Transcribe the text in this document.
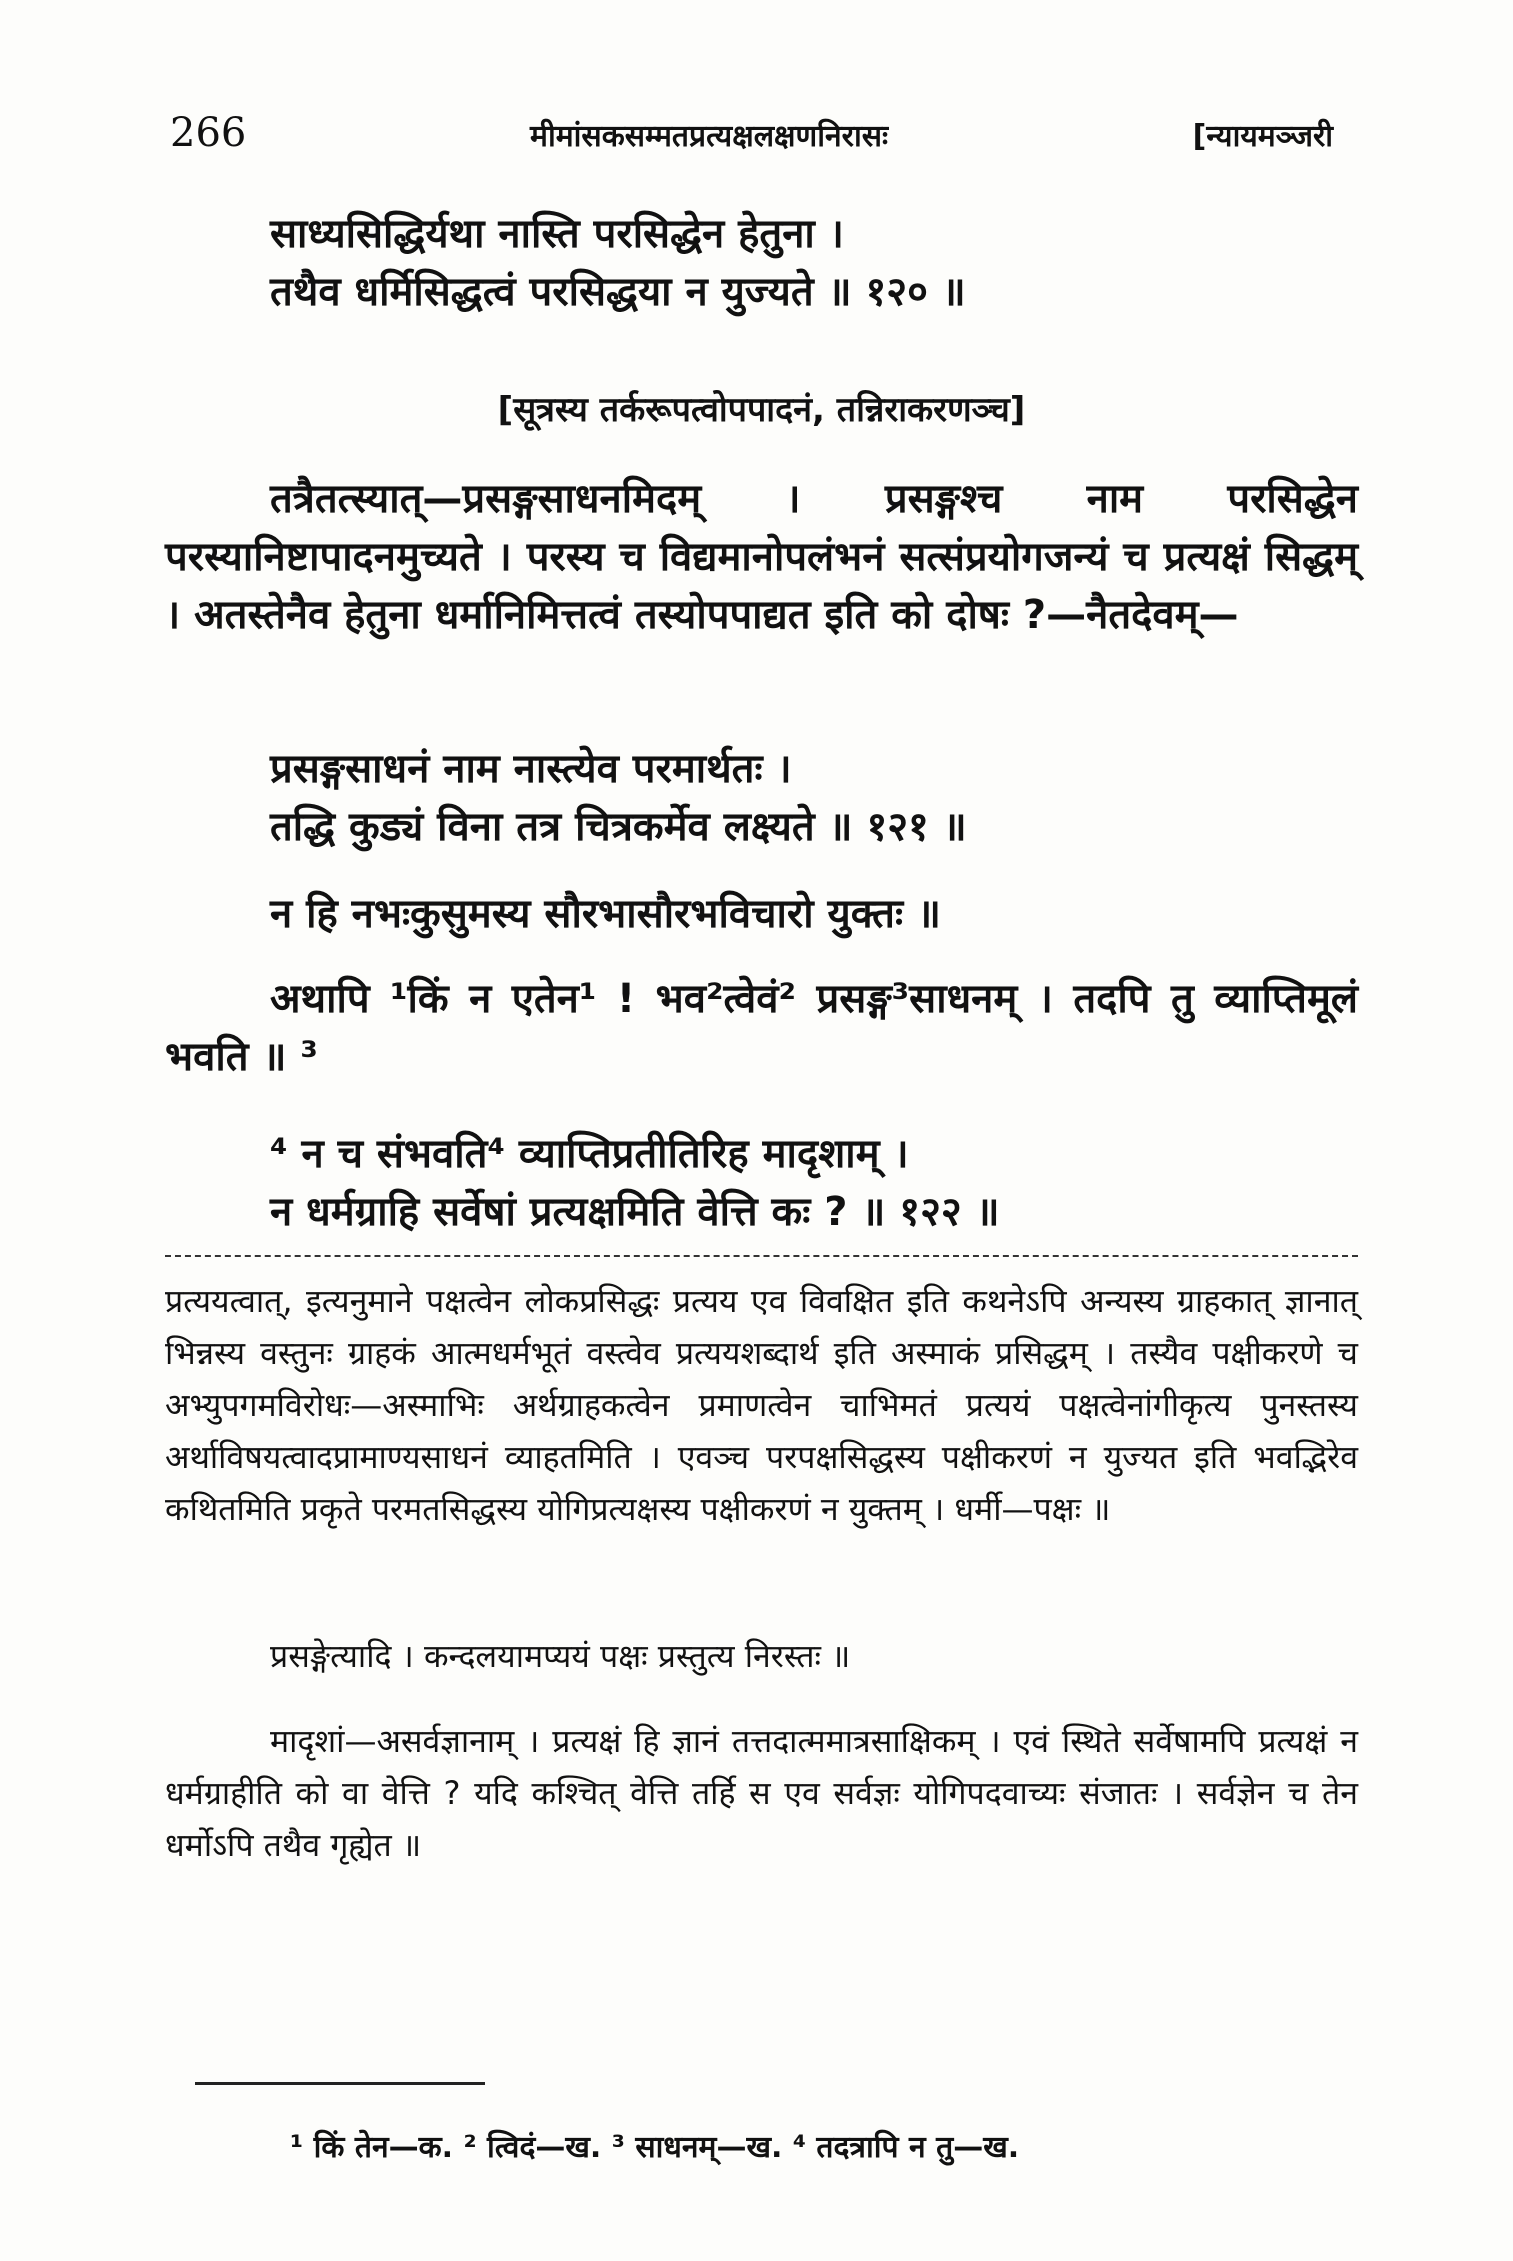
266	मीमांसकसम्मतप्रत्यक्षलक्षणनिरासः	[न्यायमञ्जरी

साध्यसिद्धिर्यथा नास्ति परसिद्धेन हेतुना ।

तथैव धर्मिसिद्धत्वं परसिद्धया न युज्यते ॥ १२० ॥

[सूत्रस्य तर्करूपत्वोपपादनं, तन्निराकरणञ्च]

तत्रैतत्स्यात्—प्रसङ्गसाधनमिदम् । प्रसङ्गश्च नाम परसिद्धेन परस्यानिष्टापादनमुच्यते । परस्य च विद्यमानोपलंभनं सत्संप्रयोगजन्यं च प्रत्यक्षं सिद्धम् । अतस्तेनैव हेतुना धर्मानिमित्तत्वं तस्योपपाद्यत इति को दोषः ?—नैतदेवम्—

प्रसङ्गसाधनं नाम नास्त्येव परमार्थतः ।

तद्धि कुड्यं विना तत्र चित्रकर्मेव लक्ष्यते ॥ १२१ ॥

न हि नभःकुसुमस्य सौरभासौरभविचारो युक्तः ॥

अथापि ¹किं न एतेन¹ ! भव²त्वेवं² प्रसङ्ग³साधनम् । तदपि तु व्याप्तिमूलं भवति ॥ ³

⁴ न च संभवति⁴ व्याप्तिप्रतीतिरिह मादृशाम् ।

न धर्मग्राहि सर्वेषां प्रत्यक्षमिति वेत्ति कः ? ॥ १२२ ॥

प्रत्ययत्वात्, इत्यनुमाने पक्षत्वेन लोकप्रसिद्धः प्रत्यय एव विवक्षित इति कथनेऽपि अन्यस्य ग्राहकात् ज्ञानात् भिन्नस्य वस्तुनः ग्राहकं आत्मधर्मभूतं वस्त्वेव प्रत्ययशब्दार्थ इति अस्माकं प्रसिद्धम् । तस्यैव पक्षीकरणे च अभ्युपगमविरोधः—अस्माभिः अर्थग्राहकत्वेन प्रमाणत्वेन चाभिमतं प्रत्ययं पक्षत्वेनांगीकृत्य पुनस्तस्य अर्थाविषयत्वादप्रामाण्यसाधनं व्याहतमिति । एवञ्च परपक्षसिद्धस्य पक्षीकरणं न युज्यत इति भवद्भिरेव कथितमिति प्रकृते परमतसिद्धस्य योगिप्रत्यक्षस्य पक्षीकरणं न युक्तम् । धर्मी—पक्षः ॥

प्रसङ्गेत्यादि । कन्दलयामप्ययं पक्षः प्रस्तुत्य निरस्तः ॥

मादृशां—असर्वज्ञानाम् । प्रत्यक्षं हि ज्ञानं तत्तदात्ममात्रसाक्षिकम् । एवं स्थिते सर्वेषामपि प्रत्यक्षं न धर्मग्राहीति को वा वेत्ति ? यदि कश्चित् वेत्ति तर्हि स एव सर्वज्ञः योगिपदवाच्यः संजातः । सर्वज्ञेन च तेन धर्मोऽपि तथैव गृह्येत ॥

¹ किं तेन—क. ² त्विदं—ख. ³ साधनम्—ख. ⁴ तदत्रापि न तु—ख.
